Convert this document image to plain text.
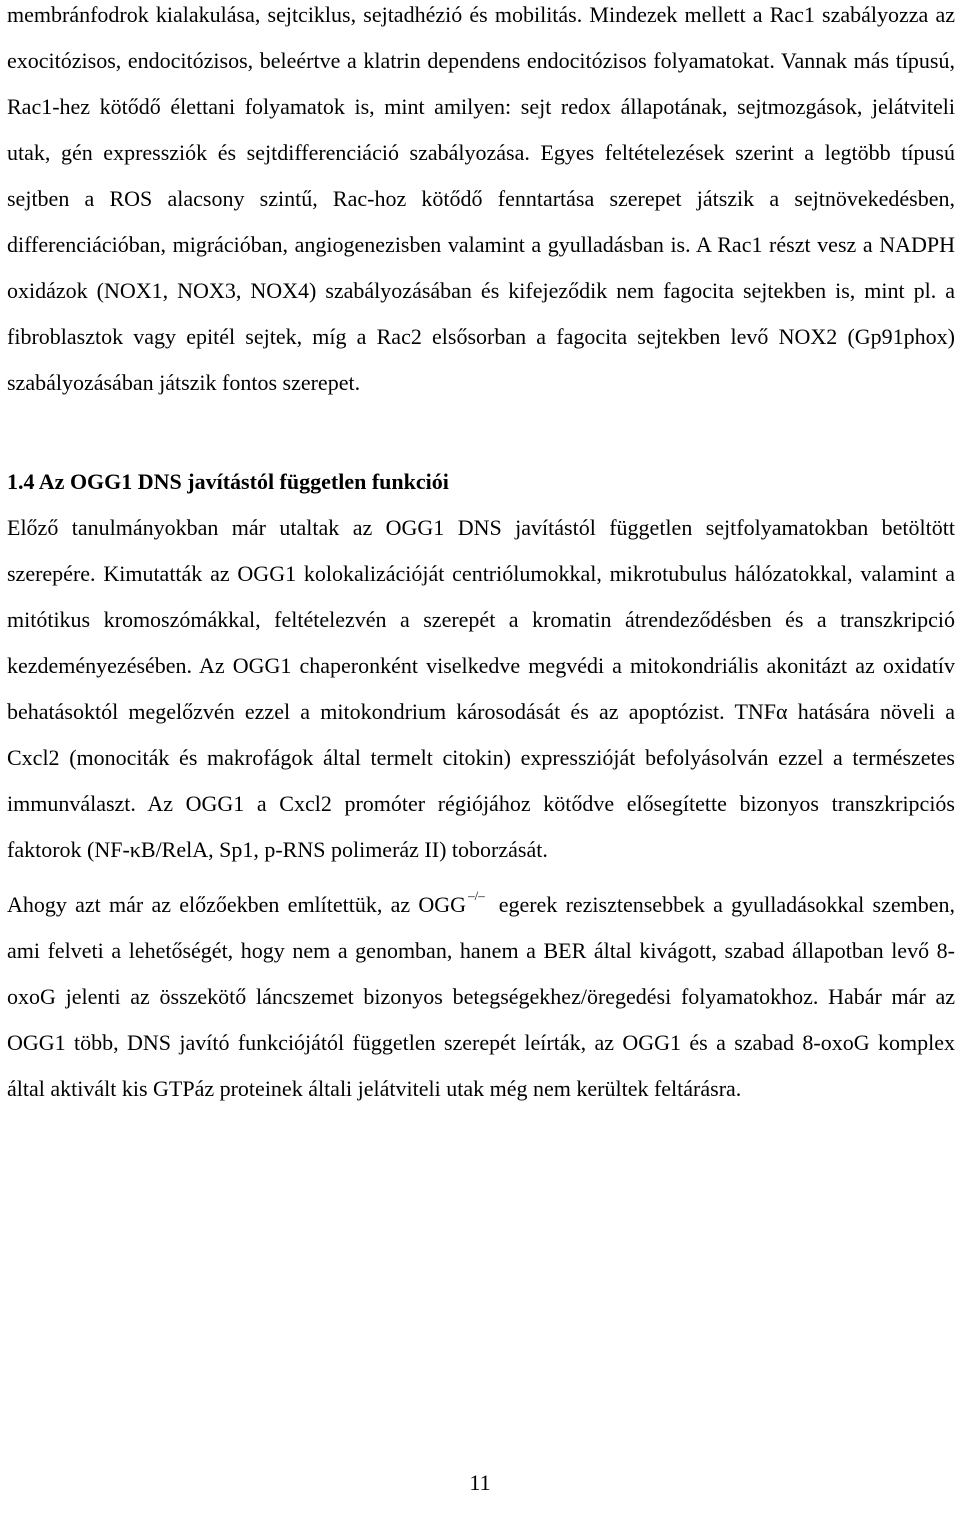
membránfodrok kialakulása, sejtciklus, sejtadhézió és mobilitás. Mindezek mellett a Rac1 szabályozza az exocitózisos, endocitózisos, beleértve a klatrin dependens endocitózisos folyamatokat. Vannak más típusú, Rac1-hez kötődő élettani folyamatok is, mint amilyen: sejt redox állapotának, sejtmozgások, jelátviteli utak, gén expressziók és sejtdifferenciáció szabályozása. Egyes feltételezések szerint a legtöbb típusú sejtben a ROS alacsony szintű, Rac-hoz kötődő fenntartása szerepet játszik a sejtnövekedésben, differenciációban, migrációban, angiogenezisben valamint a gyulladásban is. A Rac1 részt vesz a NADPH oxidázok (NOX1, NOX3, NOX4) szabályozásában és kifejeződik nem fagocita sejtekben is, mint pl. a fibroblasztok vagy epitél sejtek, míg a Rac2 elsősorban a fagocita sejtekben levő NOX2 (Gp91phox) szabályozásában játszik fontos szerepet.

1.4 Az OGG1 DNS javítástól független funkciói

Előző tanulmányokban már utaltak az OGG1 DNS javítástól független sejtfolyamatokban betöltött szerepére. Kimutatták az OGG1 kolokalizációját centriólumokkal, mikrotubulus hálózatokkal, valamint a mitótikus kromoszómákkal, feltételezvén a szerepét a kromatin átrendeződésben és a transzkripció kezdeményezésében. Az OGG1 chaperonként viselkedve megvédi a mitokondriális akonitázt az oxidatív behatásoktól megelőzvén ezzel a mitokondrium károsodását és az apoptózist. TNFα hatására növeli a Cxcl2 (monociták és makrofágok által termelt citokin) expresszióját befolyásolván ezzel a természetes immunválaszt. Az OGG1 a Cxcl2 promóter régiójához kötődve elősegítette bizonyos transzkripciós faktorok (NF-κB/RelA, Sp1, p-RNS polimeráz II) toborzását.

Ahogy azt már az előzőekben említettük, az OGG –/– egerek rezisztensebbek a gyulladásokkal szemben, ami felveti a lehetőségét, hogy nem a genomban, hanem a BER által kivágott, szabad állapotban levő 8-oxoG jelenti az összekötő láncszemet bizonyos betegségekhez/öregedési folyamatokhoz. Habár már az OGG1 több, DNS javító funkciójától független szerepét leírták, az OGG1 és a szabad 8-oxoG komplex által aktivált kis GTPáz proteinek általi jelátviteli utak még nem kerültek feltárásra.

11
